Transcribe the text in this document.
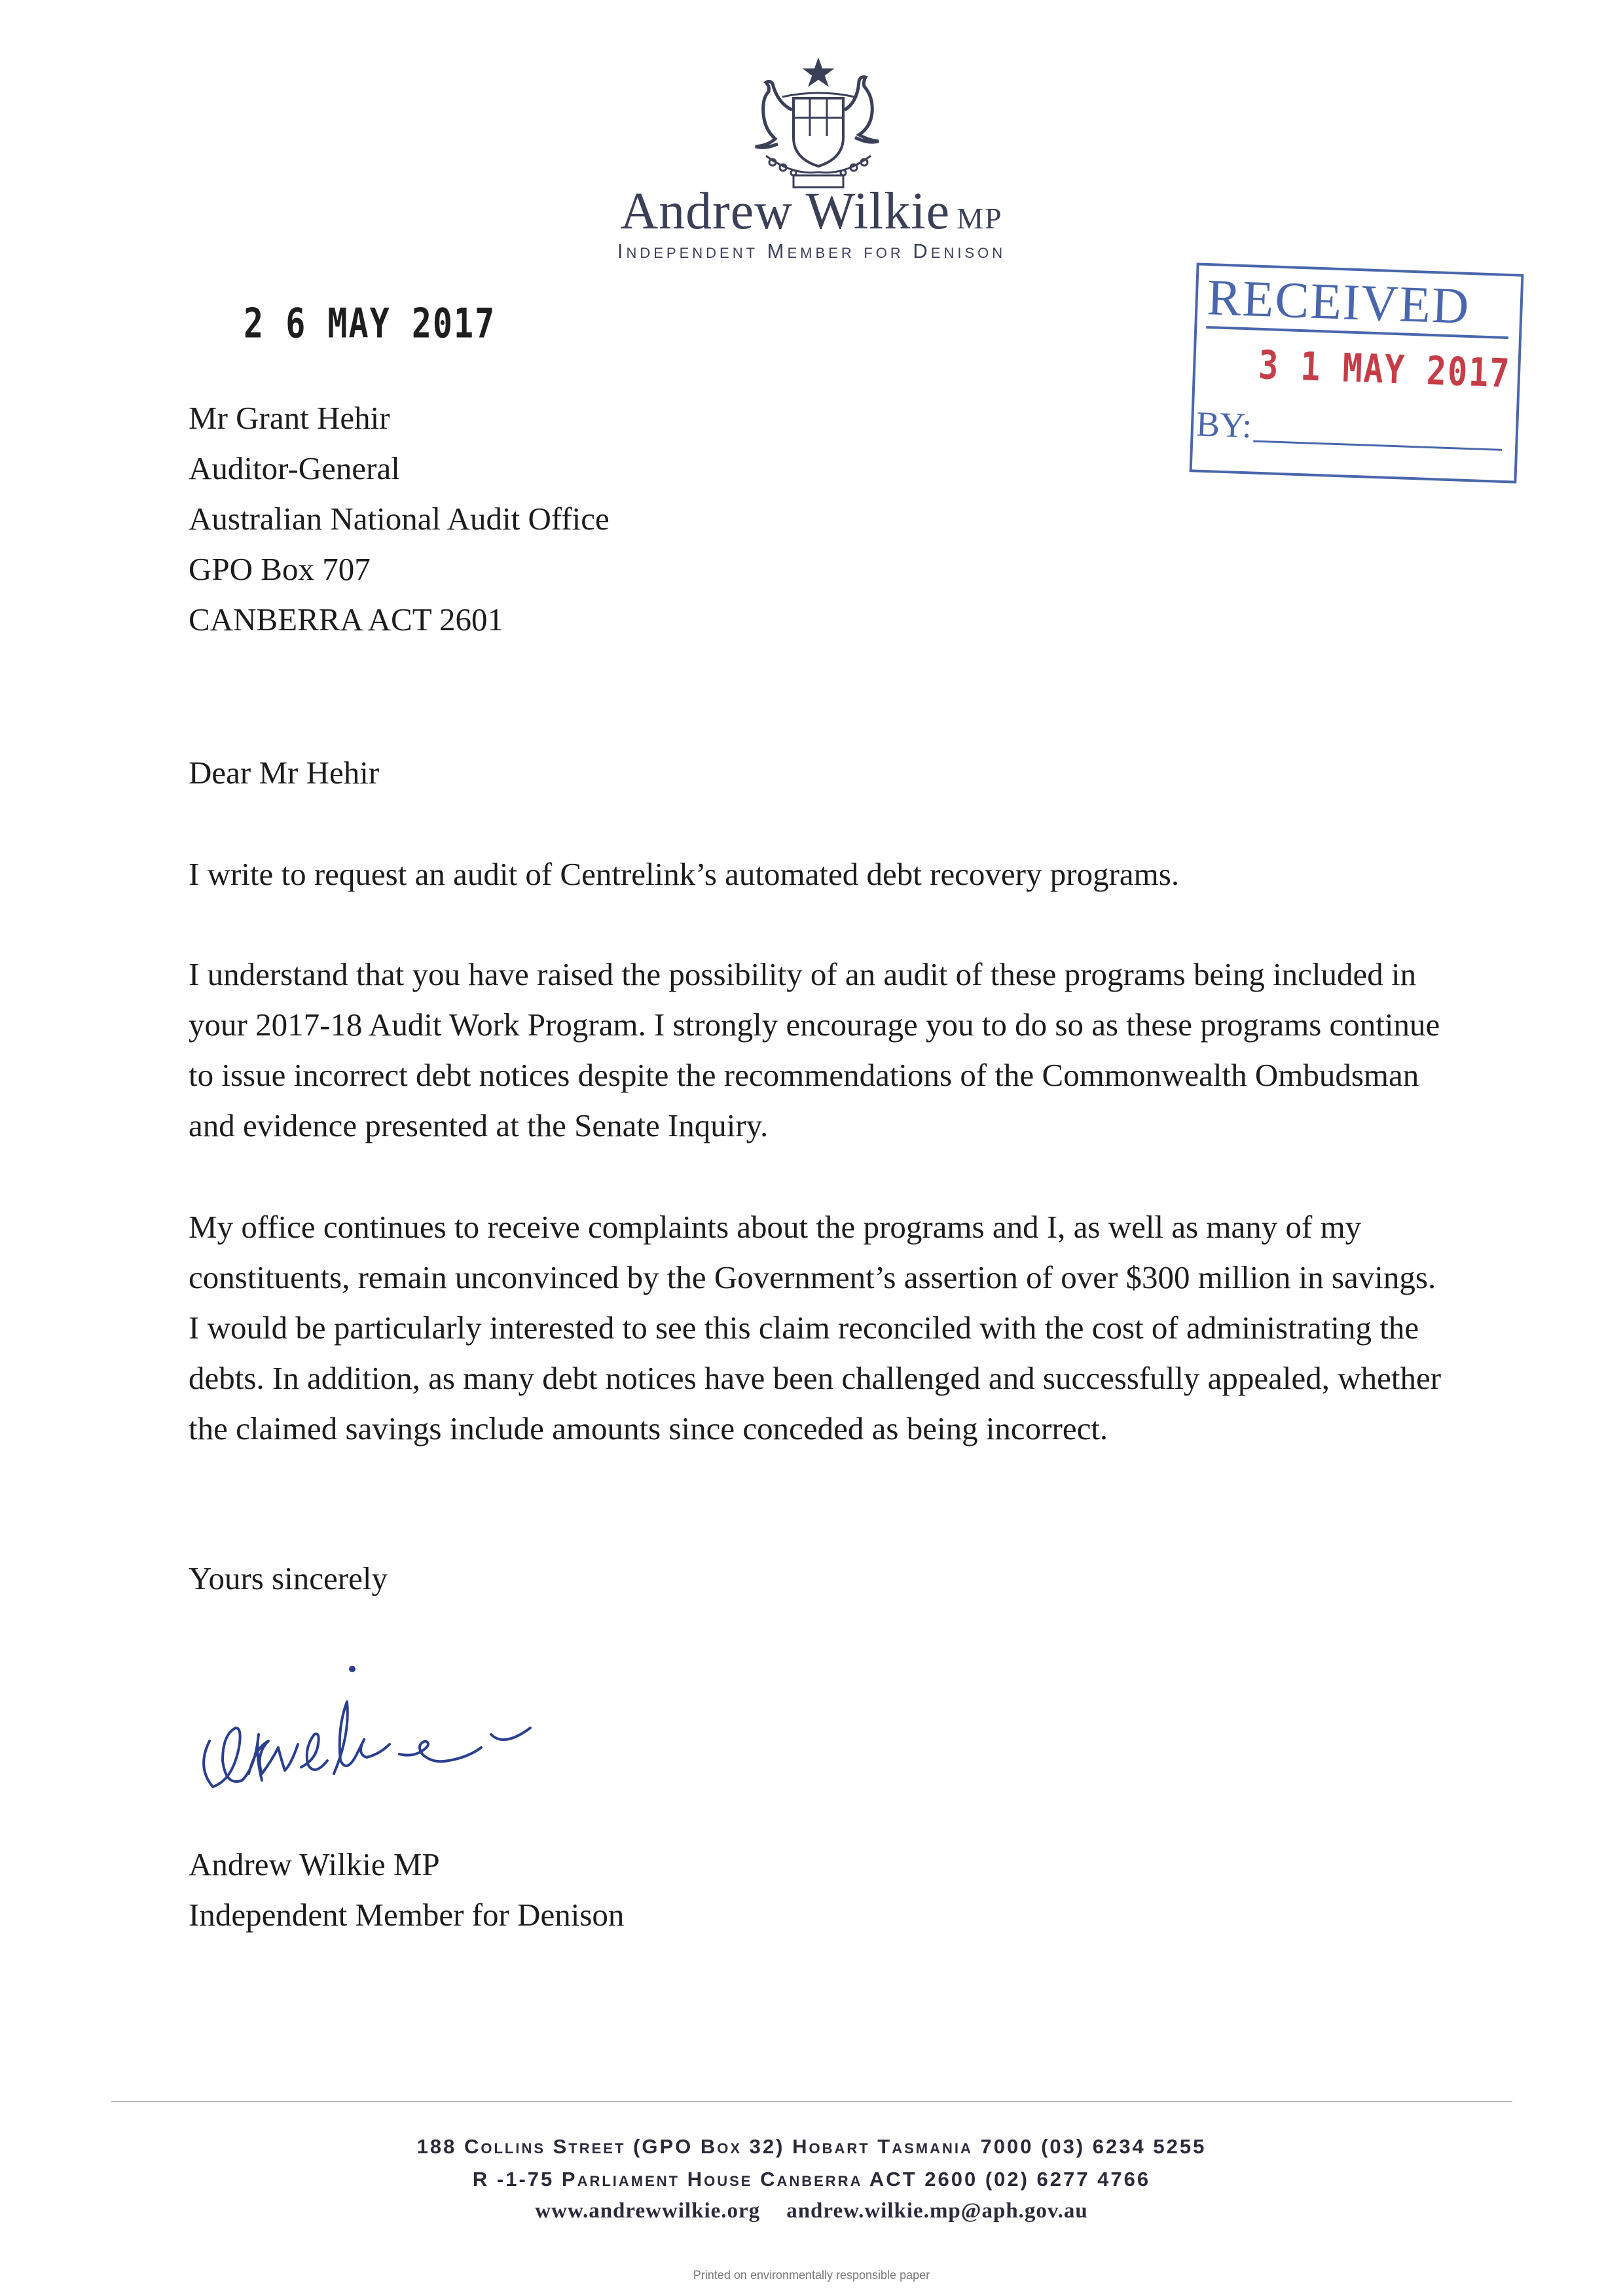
Andrew Wilkie MP
Independent Member for Denison
2 6 MAY 2017	RECEIVED
3 1 MAY 2017
BY:
Mr Grant Hehir
Auditor-General
Australian National Audit Office
GPO Box 707
CANBERRA ACT 2601
Dear Mr Hehir
I write to request an audit of Centrelink’s automated debt recovery programs.
I understand that you have raised the possibility of an audit of these programs being included in your 2017-18 Audit Work Program. I strongly encourage you to do so as these programs continue to issue incorrect debt notices despite the recommendations of the Commonwealth Ombudsman and evidence presented at the Senate Inquiry.
My office continues to receive complaints about the programs and I, as well as many of my constituents, remain unconvinced by the Government’s assertion of over $300 million in savings. I would be particularly interested to see this claim reconciled with the cost of administrating the debts. In addition, as many debt notices have been challenged and successfully appealed, whether the claimed savings include amounts since conceded as being incorrect.
Yours sincerely
Andrew Wilkie MP
Independent Member for Denison
188 Collins Street (GPO Box 32) Hobart Tasmania 7000 (03) 6234 5255
R -1-75 Parliament House Canberra ACT 2600 (02) 6277 4766
www.andrewwilkie.org andrew.wilkie.mp@aph.gov.au
Printed on environmentally responsible paper
